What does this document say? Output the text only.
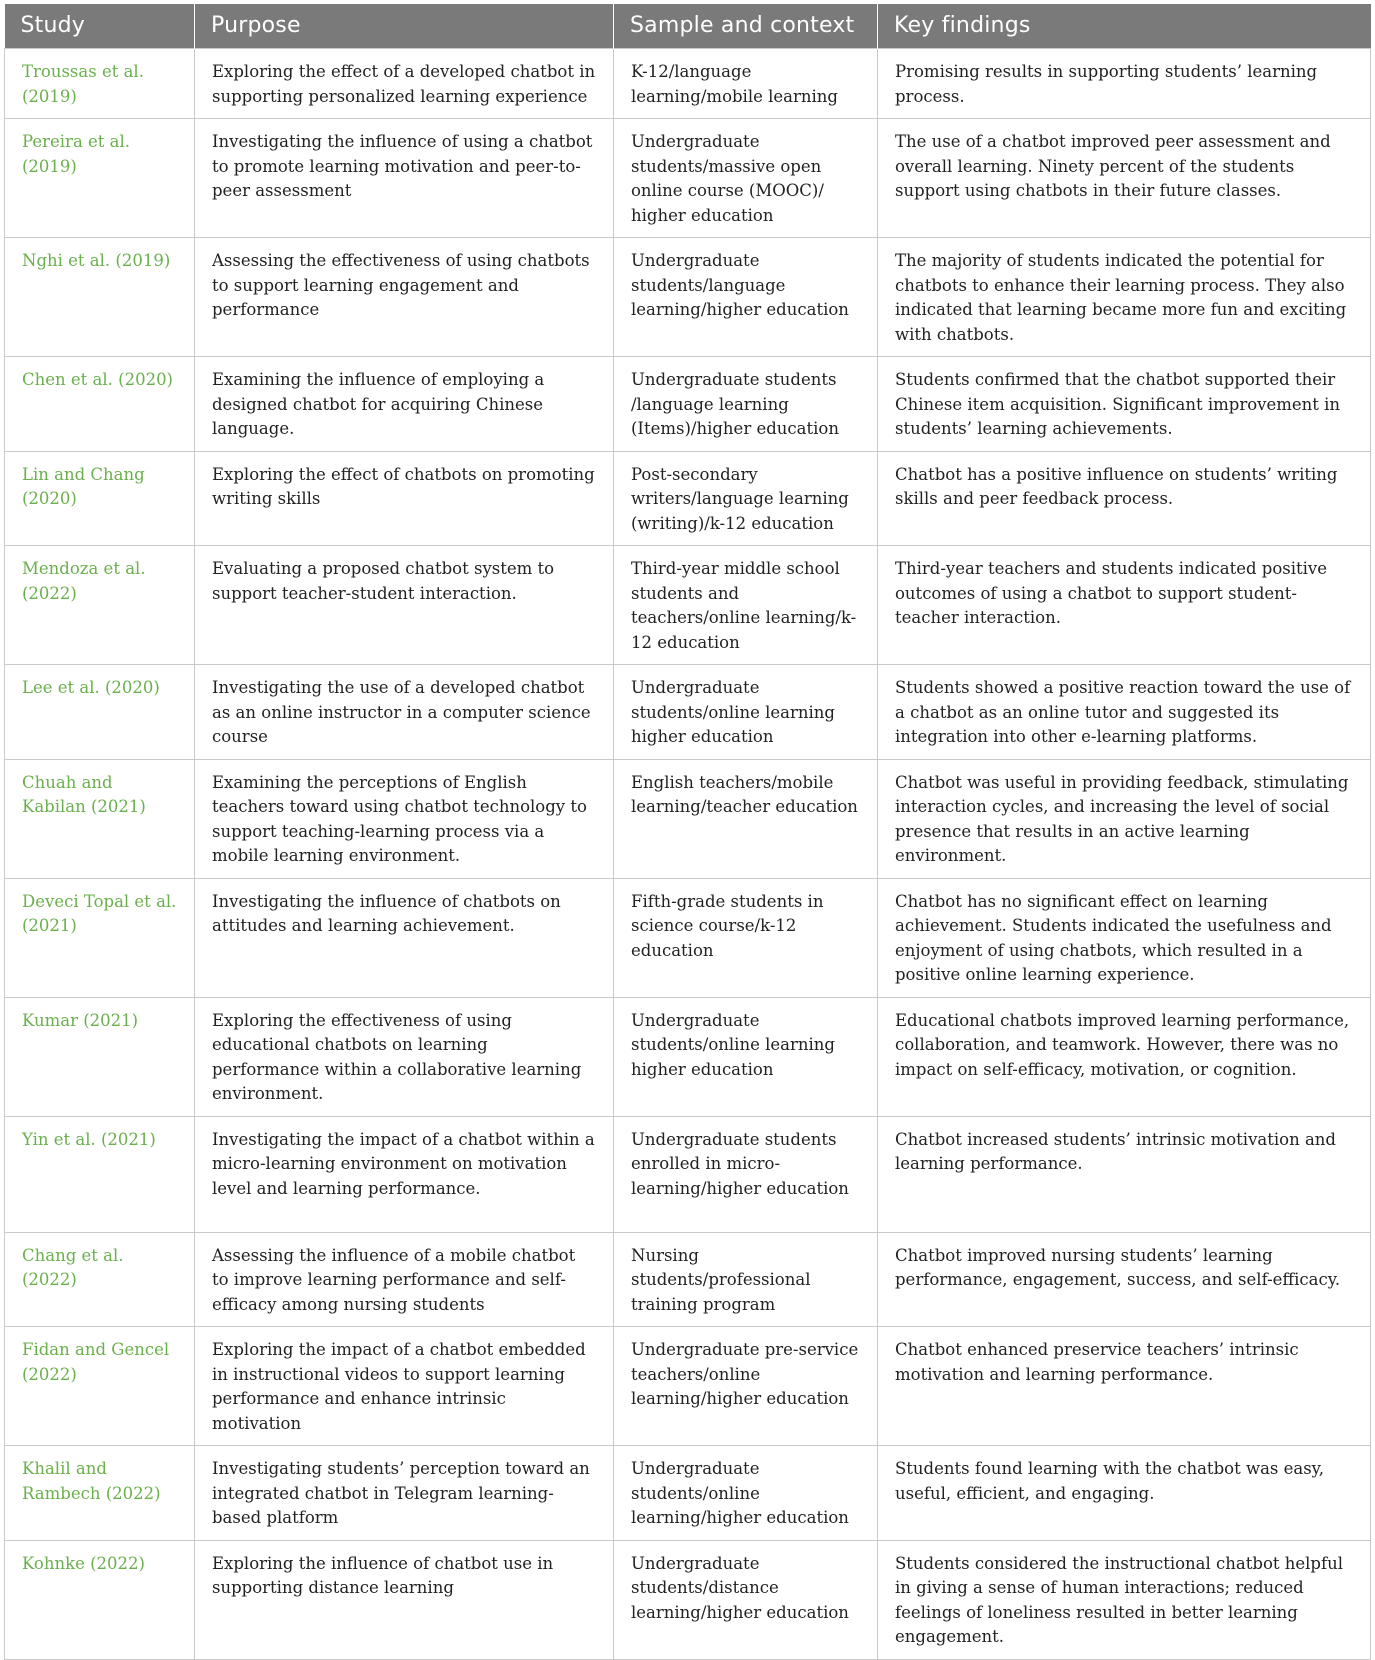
Study	Purpose	Sample and context	Key findings
Troussas et al. (2019)	Exploring the effect of a developed chatbot in supporting personalized learning experience	K-12/language learning/mobile learning	Promising results in supporting students’ learning process.
Pereira et al. (2019)	Investigating the influence of using a chatbot to promote learning motivation and peer-to-peer assessment	Undergraduate students/massive open online course (MOOC)/ higher education	The use of a chatbot improved peer assessment and overall learning. Ninety percent of the students support using chatbots in their future classes.
Nghi et al. (2019)	Assessing the effectiveness of using chatbots to support learning engagement and performance	Undergraduate students/language learning/higher education	The majority of students indicated the potential for chatbots to enhance their learning process. They also indicated that learning became more fun and exciting with chatbots.
Chen et al. (2020)	Examining the influence of employing a designed chatbot for acquiring Chinese language.	Undergraduate students /language learning (Items)/higher education	Students confirmed that the chatbot supported their Chinese item acquisition. Significant improvement in students’ learning achievements.
Lin and Chang (2020)	Exploring the effect of chatbots on promoting writing skills	Post-secondary writers/language learning (writing)/k-12 education	Chatbot has a positive influence on students’ writing skills and peer feedback process.
Mendoza et al. (2022)	Evaluating a proposed chatbot system to support teacher-student interaction.	Third-year middle school students and teachers/online learning/k-12 education	Third-year teachers and students indicated positive outcomes of using a chatbot to support student-teacher interaction.
Lee et al. (2020)	Investigating the use of a developed chatbot as an online instructor in a computer science course	Undergraduate students/online learning higher education	Students showed a positive reaction toward the use of a chatbot as an online tutor and suggested its integration into other e-learning platforms.
Chuah and Kabilan (2021)	Examining the perceptions of English teachers toward using chatbot technology to support teaching-learning process via a mobile learning environment.	English teachers/mobile learning/teacher education	Chatbot was useful in providing feedback, stimulating interaction cycles, and increasing the level of social presence that results in an active learning environment.
Deveci Topal et al. (2021)	Investigating the influence of chatbots on attitudes and learning achievement.	Fifth-grade students in science course/k-12 education	Chatbot has no significant effect on learning achievement. Students indicated the usefulness and enjoyment of using chatbots, which resulted in a positive online learning experience.
Kumar (2021)	Exploring the effectiveness of using educational chatbots on learning performance within a collaborative learning environment.	Undergraduate students/online learning higher education	Educational chatbots improved learning performance, collaboration, and teamwork. However, there was no impact on self-efficacy, motivation, or cognition.
Yin et al. (2021)	Investigating the impact of a chatbot within a micro-learning environment on motivation level and learning performance.	Undergraduate students enrolled in micro-learning/higher education	Chatbot increased students’ intrinsic motivation and learning performance.
Chang et al. (2022)	Assessing the influence of a mobile chatbot to improve learning performance and self-efficacy among nursing students	Nursing students/professional training program	Chatbot improved nursing students’ learning performance, engagement, success, and self-efficacy.
Fidan and Gencel (2022)	Exploring the impact of a chatbot embedded in instructional videos to support learning performance and enhance intrinsic motivation	Undergraduate pre-service teachers/online learning/higher education	Chatbot enhanced preservice teachers’ intrinsic motivation and learning performance.
Khalil and Rambech (2022)	Investigating students’ perception toward an integrated chatbot in Telegram learning-based platform	Undergraduate students/online learning/higher education	Students found learning with the chatbot was easy, useful, efficient, and engaging.
Kohnke (2022)	Exploring the influence of chatbot use in supporting distance learning	Undergraduate students/distance learning/higher education	Students considered the instructional chatbot helpful in giving a sense of human interactions; reduced feelings of loneliness resulted in better learning engagement.
